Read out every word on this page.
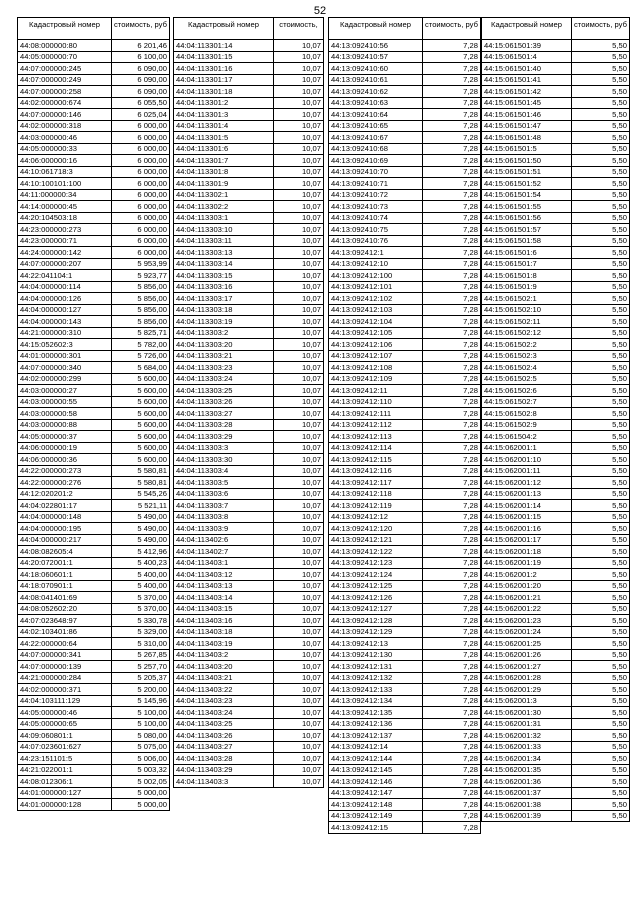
52
Кадастровый номер	стоимость, руб
44:08:000000:80	6 201,46
44:05:000000:70	6 100,00
44:07:000000:245	6 090,00
44:07:000000:249	6 090,00
44:07:000000:258	6 090,00
44:02:000000:674	6 055,50
44:07:000000:146	6 025,04
44:02:000000:318	6 000,00
44:03:000000:46	6 000,00
44:05:000000:33	6 000,00
44:06:000000:16	6 000,00
44:10:061718:3	6 000,00
44:10:100101:100	6 000,00
44:11:000000:34	6 000,00
44:14:000000:45	6 000,00
44:20:104503:18	6 000,00
44:23:000000:273	6 000,00
44:23:000000:71	6 000,00
44:24:000000:142	6 000,00
44:07:000000:207	5 953,99
44:22:041104:1	5 923,77
44:04:000000:114	5 856,00
44:04:000000:126	5 856,00
44:04:000000:127	5 856,00
44:04:000000:143	5 856,00
44:21:000000:310	5 825,71
44:15:052602:3	5 782,00
44:01:000000:301	5 726,00
44:07:000000:340	5 684,00
44:02:000000:299	5 600,00
44:03:000000:27	5 600,00
44:03:000000:55	5 600,00
44:03:000000:58	5 600,00
44:03:000000:88	5 600,00
44:05:000000:37	5 600,00
44:06:000000:19	5 600,00
44:06:000000:36	5 600,00
44:22:000000:273	5 580,81
44:22:000000:276	5 580,81
44:12:020201:2	5 545,26
44:04:022801:17	5 521,11
44:04:000000:148	5 490,00
44:04:000000:195	5 490,00
44:04:000000:217	5 490,00
44:08:082605:4	5 412,96
44:20:072001:1	5 400,23
44:18:060601:1	5 400,00
44:18:070901:1	5 400,00
44:08:041401:69	5 370,00
44:08:052602:20	5 370,00
44:07:023648:97	5 330,78
44:02:103401:86	5 329,00
44:22:000000:64	5 310,00
44:07:000000:341	5 267,85
44:07:000000:139	5 257,70
44:21:000000:284	5 205,37
44:02:000000:371	5 200,00
44:04:103111:129	5 145,96
44:05:000000:46	5 100,00
44:05:000000:65	5 100,00
44:09:060801:1	5 080,00
44:07:023601:627	5 075,00
44:23:151101:5	5 006,00
44:21:022001:1	5 003,32
44:08:012306:1	5 002,05
44:01:000000:127	5 000,00
44:01:000000:128	5 000,00
Кадастровый номер	стоимость,
44:04:113301:14	10,07
44:04:113301:15	10,07
44:04:113301:16	10,07
44:04:113301:17	10,07
44:04:113301:18	10,07
44:04:113301:2	10,07
44:04:113301:3	10,07
44:04:113301:4	10,07
44:04:113301:5	10,07
44:04:113301:6	10,07
44:04:113301:7	10,07
44:04:113301:8	10,07
44:04:113301:9	10,07
44:04:113302:1	10,07
44:04:113302:2	10,07
44:04:113303:1	10,07
44:04:113303:10	10,07
44:04:113303:11	10,07
44:04:113303:13	10,07
44:04:113303:14	10,07
44:04:113303:15	10,07
44:04:113303:16	10,07
44:04:113303:17	10,07
44:04:113303:18	10,07
44:04:113303:19	10,07
44:04:113303:2	10,07
44:04:113303:20	10,07
44:04:113303:21	10,07
44:04:113303:23	10,07
44:04:113303:24	10,07
44:04:113303:25	10,07
44:04:113303:26	10,07
44:04:113303:27	10,07
44:04:113303:28	10,07
44:04:113303:29	10,07
44:04:113303:3	10,07
44:04:113303:30	10,07
44:04:113303:4	10,07
44:04:113303:5	10,07
44:04:113303:6	10,07
44:04:113303:7	10,07
44:04:113303:8	10,07
44:04:113303:9	10,07
44:04:113402:6	10,07
44:04:113402:7	10,07
44:04:113403:1	10,07
44:04:113403:12	10,07
44:04:113403:13	10,07
44:04:113403:14	10,07
44:04:113403:15	10,07
44:04:113403:16	10,07
44:04:113403:18	10,07
44:04:113403:19	10,07
44:04:113403:2	10,07
44:04:113403:20	10,07
44:04:113403:21	10,07
44:04:113403:22	10,07
44:04:113403:23	10,07
44:04:113403:24	10,07
44:04:113403:25	10,07
44:04:113403:26	10,07
44:04:113403:27	10,07
44:04:113403:28	10,07
44:04:113403:29	10,07
44:04:113403:3	10,07
Кадастровый номер	стоимость, руб
44:13:092410:56	7,28
44:13:092410:57	7,28
44:13:092410:60	7,28
44:13:092410:61	7,28
44:13:092410:62	7,28
44:13:092410:63	7,28
44:13:092410:64	7,28
44:13:092410:65	7,28
44:13:092410:67	7,28
44:13:092410:68	7,28
44:13:092410:69	7,28
44:13:092410:70	7,28
44:13:092410:71	7,28
44:13:092410:72	7,28
44:13:092410:73	7,28
44:13:092410:74	7,28
44:13:092410:75	7,28
44:13:092410:76	7,28
44:13:092412:1	7,28
44:13:092412:10	7,28
44:13:092412:100	7,28
44:13:092412:101	7,28
44:13:092412:102	7,28
44:13:092412:103	7,28
44:13:092412:104	7,28
44:13:092412:105	7,28
44:13:092412:106	7,28
44:13:092412:107	7,28
44:13:092412:108	7,28
44:13:092412:109	7,28
44:13:092412:11	7,28
44:13:092412:110	7,28
44:13:092412:111	7,28
44:13:092412:112	7,28
44:13:092412:113	7,28
44:13:092412:114	7,28
44:13:092412:115	7,28
44:13:092412:116	7,28
44:13:092412:117	7,28
44:13:092412:118	7,28
44:13:092412:119	7,28
44:13:092412:12	7,28
44:13:092412:120	7,28
44:13:092412:121	7,28
44:13:092412:122	7,28
44:13:092412:123	7,28
44:13:092412:124	7,28
44:13:092412:125	7,28
44:13:092412:126	7,28
44:13:092412:127	7,28
44:13:092412:128	7,28
44:13:092412:129	7,28
44:13:092412:13	7,28
44:13:092412:130	7,28
44:13:092412:131	7,28
44:13:092412:132	7,28
44:13:092412:133	7,28
44:13:092412:134	7,28
44:13:092412:135	7,28
44:13:092412:136	7,28
44:13:092412:137	7,28
44:13:092412:14	7,28
44:13:092412:144	7,28
44:13:092412:145	7,28
44:13:092412:146	7,28
44:13:092412:147	7,28
44:13:092412:148	7,28
44:13:092412:149	7,28
44:13:092412:15	7,28
Кадастровый номер	стоимость, руб
44:15:061501:39	5,50
44:15:061501:4	5,50
44:15:061501:40	5,50
44:15:061501:41	5,50
44:15:061501:42	5,50
44:15:061501:45	5,50
44:15:061501:46	5,50
44:15:061501:47	5,50
44:15:061501:48	5,50
44:15:061501:5	5,50
44:15:061501:50	5,50
44:15:061501:51	5,50
44:15:061501:52	5,50
44:15:061501:54	5,50
44:15:061501:55	5,50
44:15:061501:56	5,50
44:15:061501:57	5,50
44:15:061501:58	5,50
44:15:061501:6	5,50
44:15:061501:7	5,50
44:15:061501:8	5,50
44:15:061501:9	5,50
44:15:061502:1	5,50
44:15:061502:10	5,50
44:15:061502:11	5,50
44:15:061502:12	5,50
44:15:061502:2	5,50
44:15:061502:3	5,50
44:15:061502:4	5,50
44:15:061502:5	5,50
44:15:061502:6	5,50
44:15:061502:7	5,50
44:15:061502:8	5,50
44:15:061502:9	5,50
44:15:061504:2	5,50
44:15:062001:1	5,50
44:15:062001:10	5,50
44:15:062001:11	5,50
44:15:062001:12	5,50
44:15:062001:13	5,50
44:15:062001:14	5,50
44:15:062001:15	5,50
44:15:062001:16	5,50
44:15:062001:17	5,50
44:15:062001:18	5,50
44:15:062001:19	5,50
44:15:062001:2	5,50
44:15:062001:20	5,50
44:15:062001:21	5,50
44:15:062001:22	5,50
44:15:062001:23	5,50
44:15:062001:24	5,50
44:15:062001:25	5,50
44:15:062001:26	5,50
44:15:062001:27	5,50
44:15:062001:28	5,50
44:15:062001:29	5,50
44:15:062001:3	5,50
44:15:062001:30	5,50
44:15:062001:31	5,50
44:15:062001:32	5,50
44:15:062001:33	5,50
44:15:062001:34	5,50
44:15:062001:35	5,50
44:15:062001:36	5,50
44:15:062001:37	5,50
44:15:062001:38	5,50
44:15:062001:39	5,50
